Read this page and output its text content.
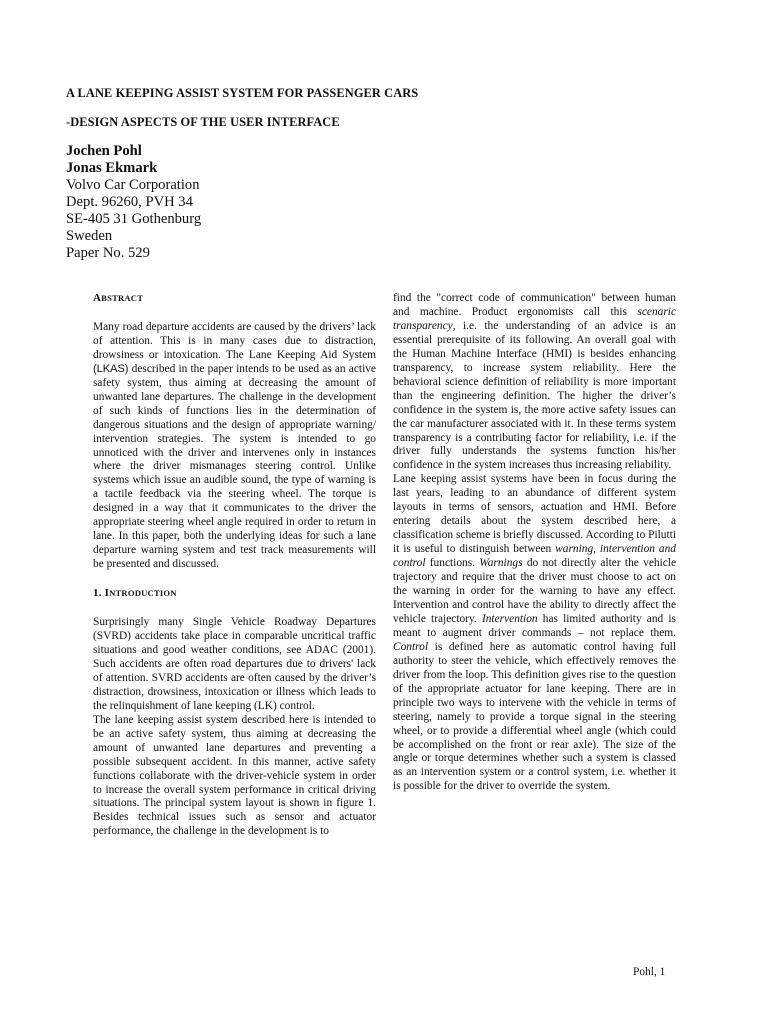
A LANE KEEPING ASSIST SYSTEM FOR PASSENGER CARS
-DESIGN ASPECTS OF THE USER INTERFACE
Jochen Pohl
Jonas Ekmark
Volvo Car Corporation
Dept. 96260, PVH 34
SE-405 31 Gothenburg
Sweden
Paper No. 529

ABSTRACT

Many road departure accidents are caused by the drivers’ lack of attention. This is in many cases due to distraction, drowsiness or intoxication. The Lane Keeping Aid System (LKAS) described in the paper intends to be used as an active safety system, thus aiming at decreasing the amount of unwanted lane departures. The challenge in the development of such kinds of functions lies in the determination of dangerous situations and the design of appropriate warning/ intervention strategies. The system is intended to go unnoticed with the driver and intervenes only in instances where the driver mismanages steering control. Unlike systems which issue an audible sound, the type of warning is a tactile feedback via the steering wheel. The torque is designed in a way that it communicates to the driver the appropriate steering wheel angle required in order to return in lane. In this paper, both the underlying ideas for such a lane departure warning system and test track measurements will be presented and discussed.

1. INTRODUCTION

Surprisingly many Single Vehicle Roadway Departures (SVRD) accidents take place in comparable uncritical traffic situations and good weather conditions, see ADAC (2001). Such accidents are often road departures due to drivers' lack of attention. SVRD accidents are often caused by the driver’s distraction, drowsiness, intoxication or illness which leads to the relinquishment of lane keeping (LK) control.

The lane keeping assist system described here is intended to be an active safety system, thus aiming at decreasing the amount of unwanted lane departures and preventing a possible subsequent accident. In this manner, active safety functions collaborate with the driver-vehicle system in order to increase the overall system performance in critical driving situations. The principal system layout is shown in figure 1. Besides technical issues such as sensor and actuator performance, the challenge in the development is to

find the "correct code of communication" between human and machine. Product ergonomists call this scenaric transparency, i.e. the understanding of an advice is an essential prerequisite of its following. An overall goal with the Human Machine Interface (HMI) is besides enhancing transparency, to increase system reliability. Here the behavioral science definition of reliability is more important than the engineering definition. The higher the driver’s confidence in the system is, the more active safety issues can the car manufacturer associated with it. In these terms system transparency is a contributing factor for reliability, i.e. if the driver fully understands the systems function his/her confidence in the system increases thus increasing reliability.

Lane keeping assist systems have been in focus during the last years, leading to an abundance of different system layouts in terms of sensors, actuation and HMI. Before entering details about the system described here, a classification scheme is briefly discussed. According to Pilutti it is useful to distinguish between warning, intervention and control functions. Warnings do not directly alter the vehicle trajectory and require that the driver must choose to act on the warning in order for the warning to have any effect. Intervention and control have the ability to directly affect the vehicle trajectory. Intervention has limited authority and is meant to augment driver commands – not replace them. Control is defined here as automatic control having full authority to steer the vehicle, which effectively removes the driver from the loop. This definition gives rise to the question of the appropriate actuator for lane keeping. There are in principle two ways to intervene with the vehicle in terms of steering, namely to provide a torque signal in the steering wheel, or to provide a differential wheel angle (which could be accomplished on the front or rear axle). The size of the angle or torque determines whether such a system is classed as an intervention system or a control system, i.e. whether it is possible for the driver to override the system.

Pohl, 1
